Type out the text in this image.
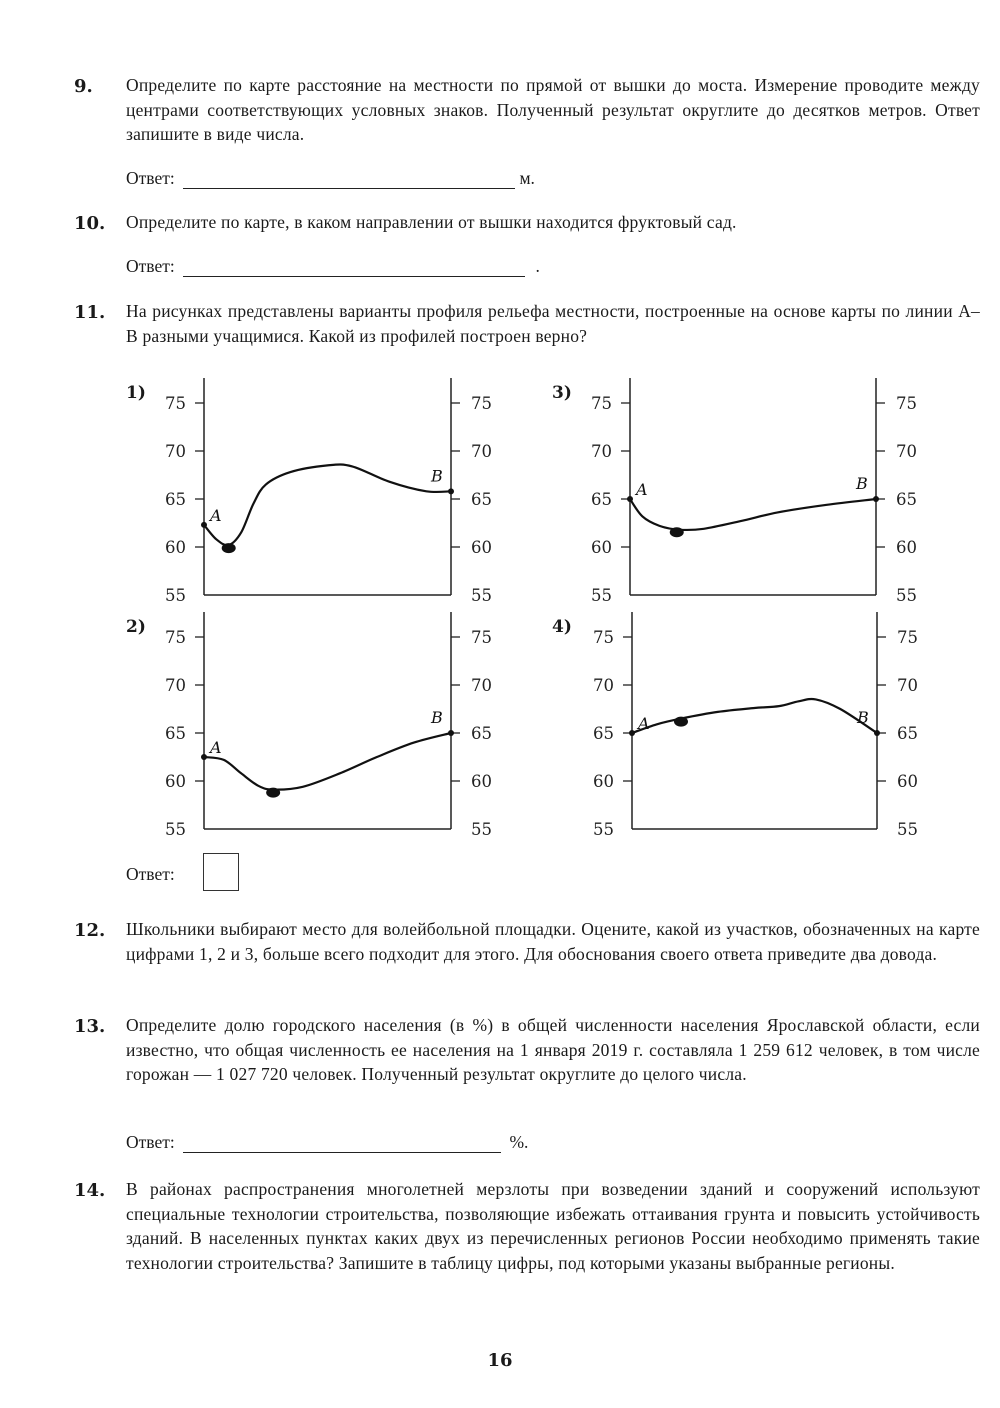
9. Определите по карте расстояние на местности по прямой от вышки до моста. Измерение проводите между центрами соответствующих условных знаков. Полученный результат округлите до десятков метров. Ответ запишите в виде числа.
Ответ:	м.
10. Определите по карте, в каком направлении от вышки находится фруктовый сад.
Ответ:	.
11. На рисунках представлены варианты профиля рельефа местности, построенные на основе карты по линии А–В разными учащимися. Какой из профилей построен верно?
1)
75	75
70	70
65	65
60	60
55	55
A
B
3)
75	75
70	70
65	65
60	60
55	55
A	B
2)
75	75
70	70
65	65
60	60
55	55
A
B
4)
75	75
70	70
65	65
60	60
55	55
A	B
Ответ:
12. Школьники выбирают место для волейбольной площадки. Оцените, какой из участков, обозначенных на карте цифрами 1, 2 и 3, больше всего подходит для этого. Для обоснования своего ответа приведите два довода.
13. Определите долю городского населения (в %) в общей численности населения Ярославской области, если известно, что общая численность ее населения на 1 января 2019 г. составляла 1 259 612 человек, в том числе горожан — 1 027 720 человек. Полученный результат округлите до целого числа.
Ответ:	%.
14. В районах распространения многолетней мерзлоты при возведении зданий и сооружений используют специальные технологии строительства, позволяющие избежать оттаивания грунта и повысить устойчивость зданий. В населенных пунктах каких двух из перечисленных регионов России необходимо применять такие технологии строительства? Запишите в таблицу цифры, под которыми указаны выбранные регионы.
16
